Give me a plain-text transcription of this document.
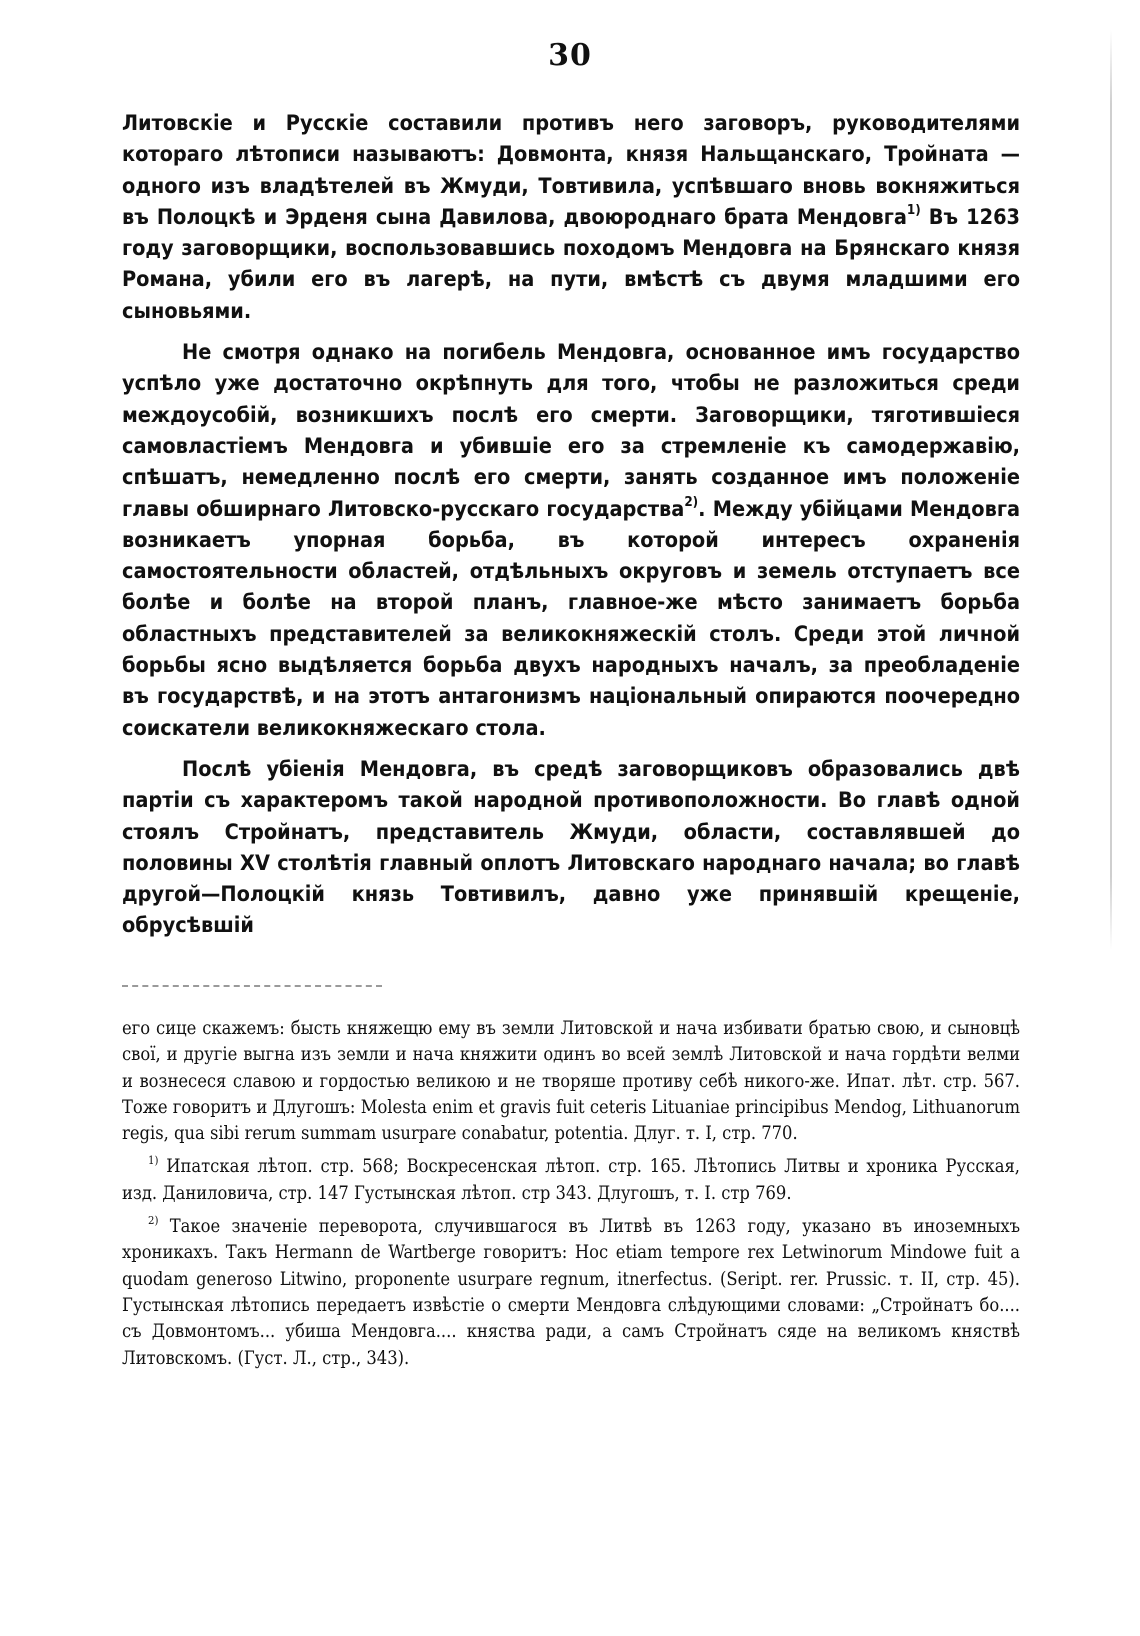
30

Литовскіе и Русскіе составили противъ него заговоръ, руководителями котораго лѣтописи называютъ: Довмонта, князя Нальщанскаго, Тройната —одного изъ владѣтелей въ Жмуди, Товтивила, успѣвшаго вновь вокняжиться въ Полоцкѣ и Эрденя сына Давилова, двоюроднаго брата Мендовга$^{1)}$ Въ 1263 году заговорщики, воспользовавшись походомъ Мендовга на Брянскаго князя Романа, убили его въ лагерѣ, на пути, вмѣстѣ съ двумя младшими его сыновьями.

Не смотря однако на погибель Мендовга, основанное имъ государство успѣло уже достаточно окрѣпнуть для того, чтобы не разложиться среди междоусобій, возникшихъ послѣ его смерти. Заговорщики, тяготившіеся самовластіемъ Мендовга и убившіе его за стремленіе къ самодержавію, спѣшатъ, немедленно послѣ его смерти, занять созданное имъ положеніе главы обширнаго Литовско-русскаго государства$^{2)}$. Между убійцами Мендовга возникаетъ упорная борьба, въ которой интересъ охраненія самостоятельности областей, отдѣльныхъ округовъ и земель отступаетъ все болѣе и болѣе на второй планъ, главное-же мѣсто занимаетъ борьба областныхъ представителей за великокняжескій столъ. Среди этой личной борьбы ясно выдѣляется борьба двухъ народныхъ началъ, за преобладеніе въ государствѣ, и на этотъ антагонизмъ національный опираются поочередно соискатели великокняжескаго стола.

Послѣ убіенія Мендовга, въ средѣ заговорщиковъ образовались двѣ партіи съ характеромъ такой народной противоположности. Во главѣ одной стоялъ Стройнатъ, представитель Жмуди, области, составлявшей до половины XV столѣтія главный оплотъ Литовскаго народнаго начала; во главѣ другой—Полоцкій князь Товтивилъ, давно уже принявшій крещеніе, обрусѣвшій

его сице скажемъ: бысть княжещю ему въ земли Литовской и нача избивати братью свою, и сыновцѣ свої, и другіе выгна изъ земли и нача княжити одинъ во всей землѣ Литовской и нача гордѣти велми и вознесеся славою и гордостью великою и не творяше противу себѣ никого-же. Ипат. лѣт. стр. 567. Тоже говоритъ и Длугошъ: Molesta enim et gravis fuit ceteris Lituaniae principibus Mendog, Lithuanorum regis, qua sibi rerum summam usurpare conabatur, potentia. Длуг. т. I, стр. 770.

$^{1)}$ Ипатская лѣтоп. стр. 568; Воскресенская лѣтоп. стр. 165. Лѣтопись Литвы и хроника Русская, изд. Даниловича, стр. 147 Густынская лѣтоп. стр 343. Длугошъ, т. I. стр 769.

$^{2)}$ Такое значеніе переворота, случившагося въ Литвѣ въ 1263 году, указано въ иноземныхъ хроникахъ. Такъ Hermann de Wartberge говоритъ: Hoc etiam tempore rex Letwinorum Mindowe fuit a quodam generoso Litwino, proponente usurpare regnum, itnerfectus. (Seript. rer. Prussic. т. II, стр. 45). Густынская лѣтопись передаетъ извѣстіе о смерти Мендовга слѣдующими словами: „Стройнатъ бо.... съ Довмонтомъ... убиша Мендовга.... княства ради, а самъ Стройнатъ сяде на великомъ княствѣ Литовскомъ. (Густ. Л., стр., 343).
